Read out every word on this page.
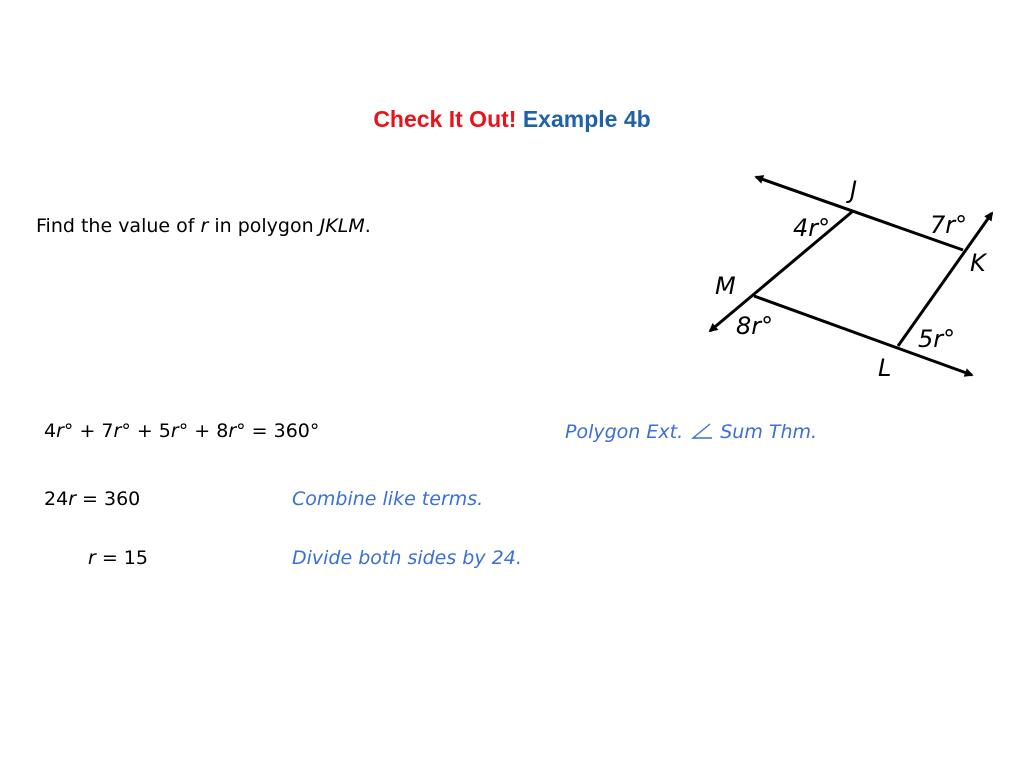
Check It Out! Example 4b
Find the value of r in polygon JKLM.
J
K
M
L
4r°	7r°
8r°	5r°
4r° + 7r° + 5r° + 8r° = 360°	Polygon Ext. Sum Thm.
24r = 360	Combine like terms.
r = 15	Divide both sides by 24.
